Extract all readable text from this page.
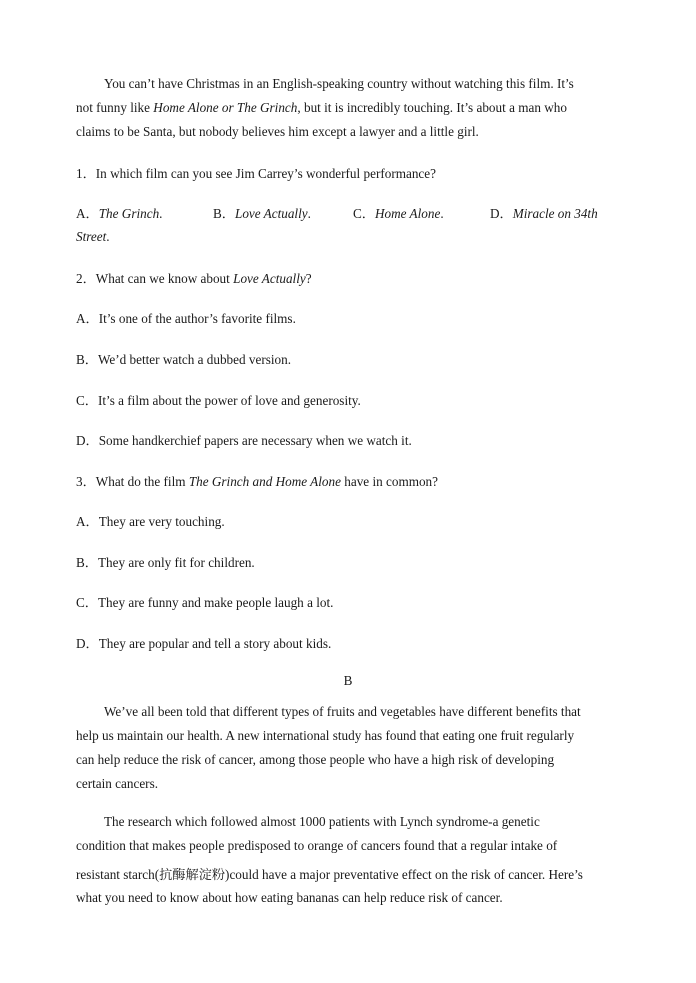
You can’t have Christmas in an English-speaking country without watching this film. It’s
not funny like Home Alone or The Grinch, but it is incredibly touching. It’s about a man who
claims to be Santa, but nobody believes him except a lawyer and a little girl.
1．In which film can you see Jim Carrey’s wonderful performance?
A．The Grinch.	B．Love Actually.	C．Home Alone.	D．Miracle on 34th
Street.
2．What can we know about Love Actually?
A．It’s one of the author’s favorite films.
B．We’d better watch a dubbed version.
C．It’s a film about the power of love and generosity.
D．Some handkerchief papers are necessary when we watch it.
3．What do the film The Grinch and Home Alone have in common?
A．They are very touching.
B．They are only fit for children.
C．They are funny and make people laugh a lot.
D．They are popular and tell a story about kids.
B
We’ve all been told that different types of fruits and vegetables have different benefits that
help us maintain our health. A new international study has found that eating one fruit regularly
can help reduce the risk of cancer, among those people who have a high risk of developing
certain cancers.
The research which followed almost 1000 patients with Lynch syndrome-a genetic
condition that makes people predisposed to orange of cancers found that a regular intake of
resistant starch(抗酶解淀粉)could have a major preventative effect on the risk of cancer. Here’s
what you need to know about how eating bananas can help reduce risk of cancer.
